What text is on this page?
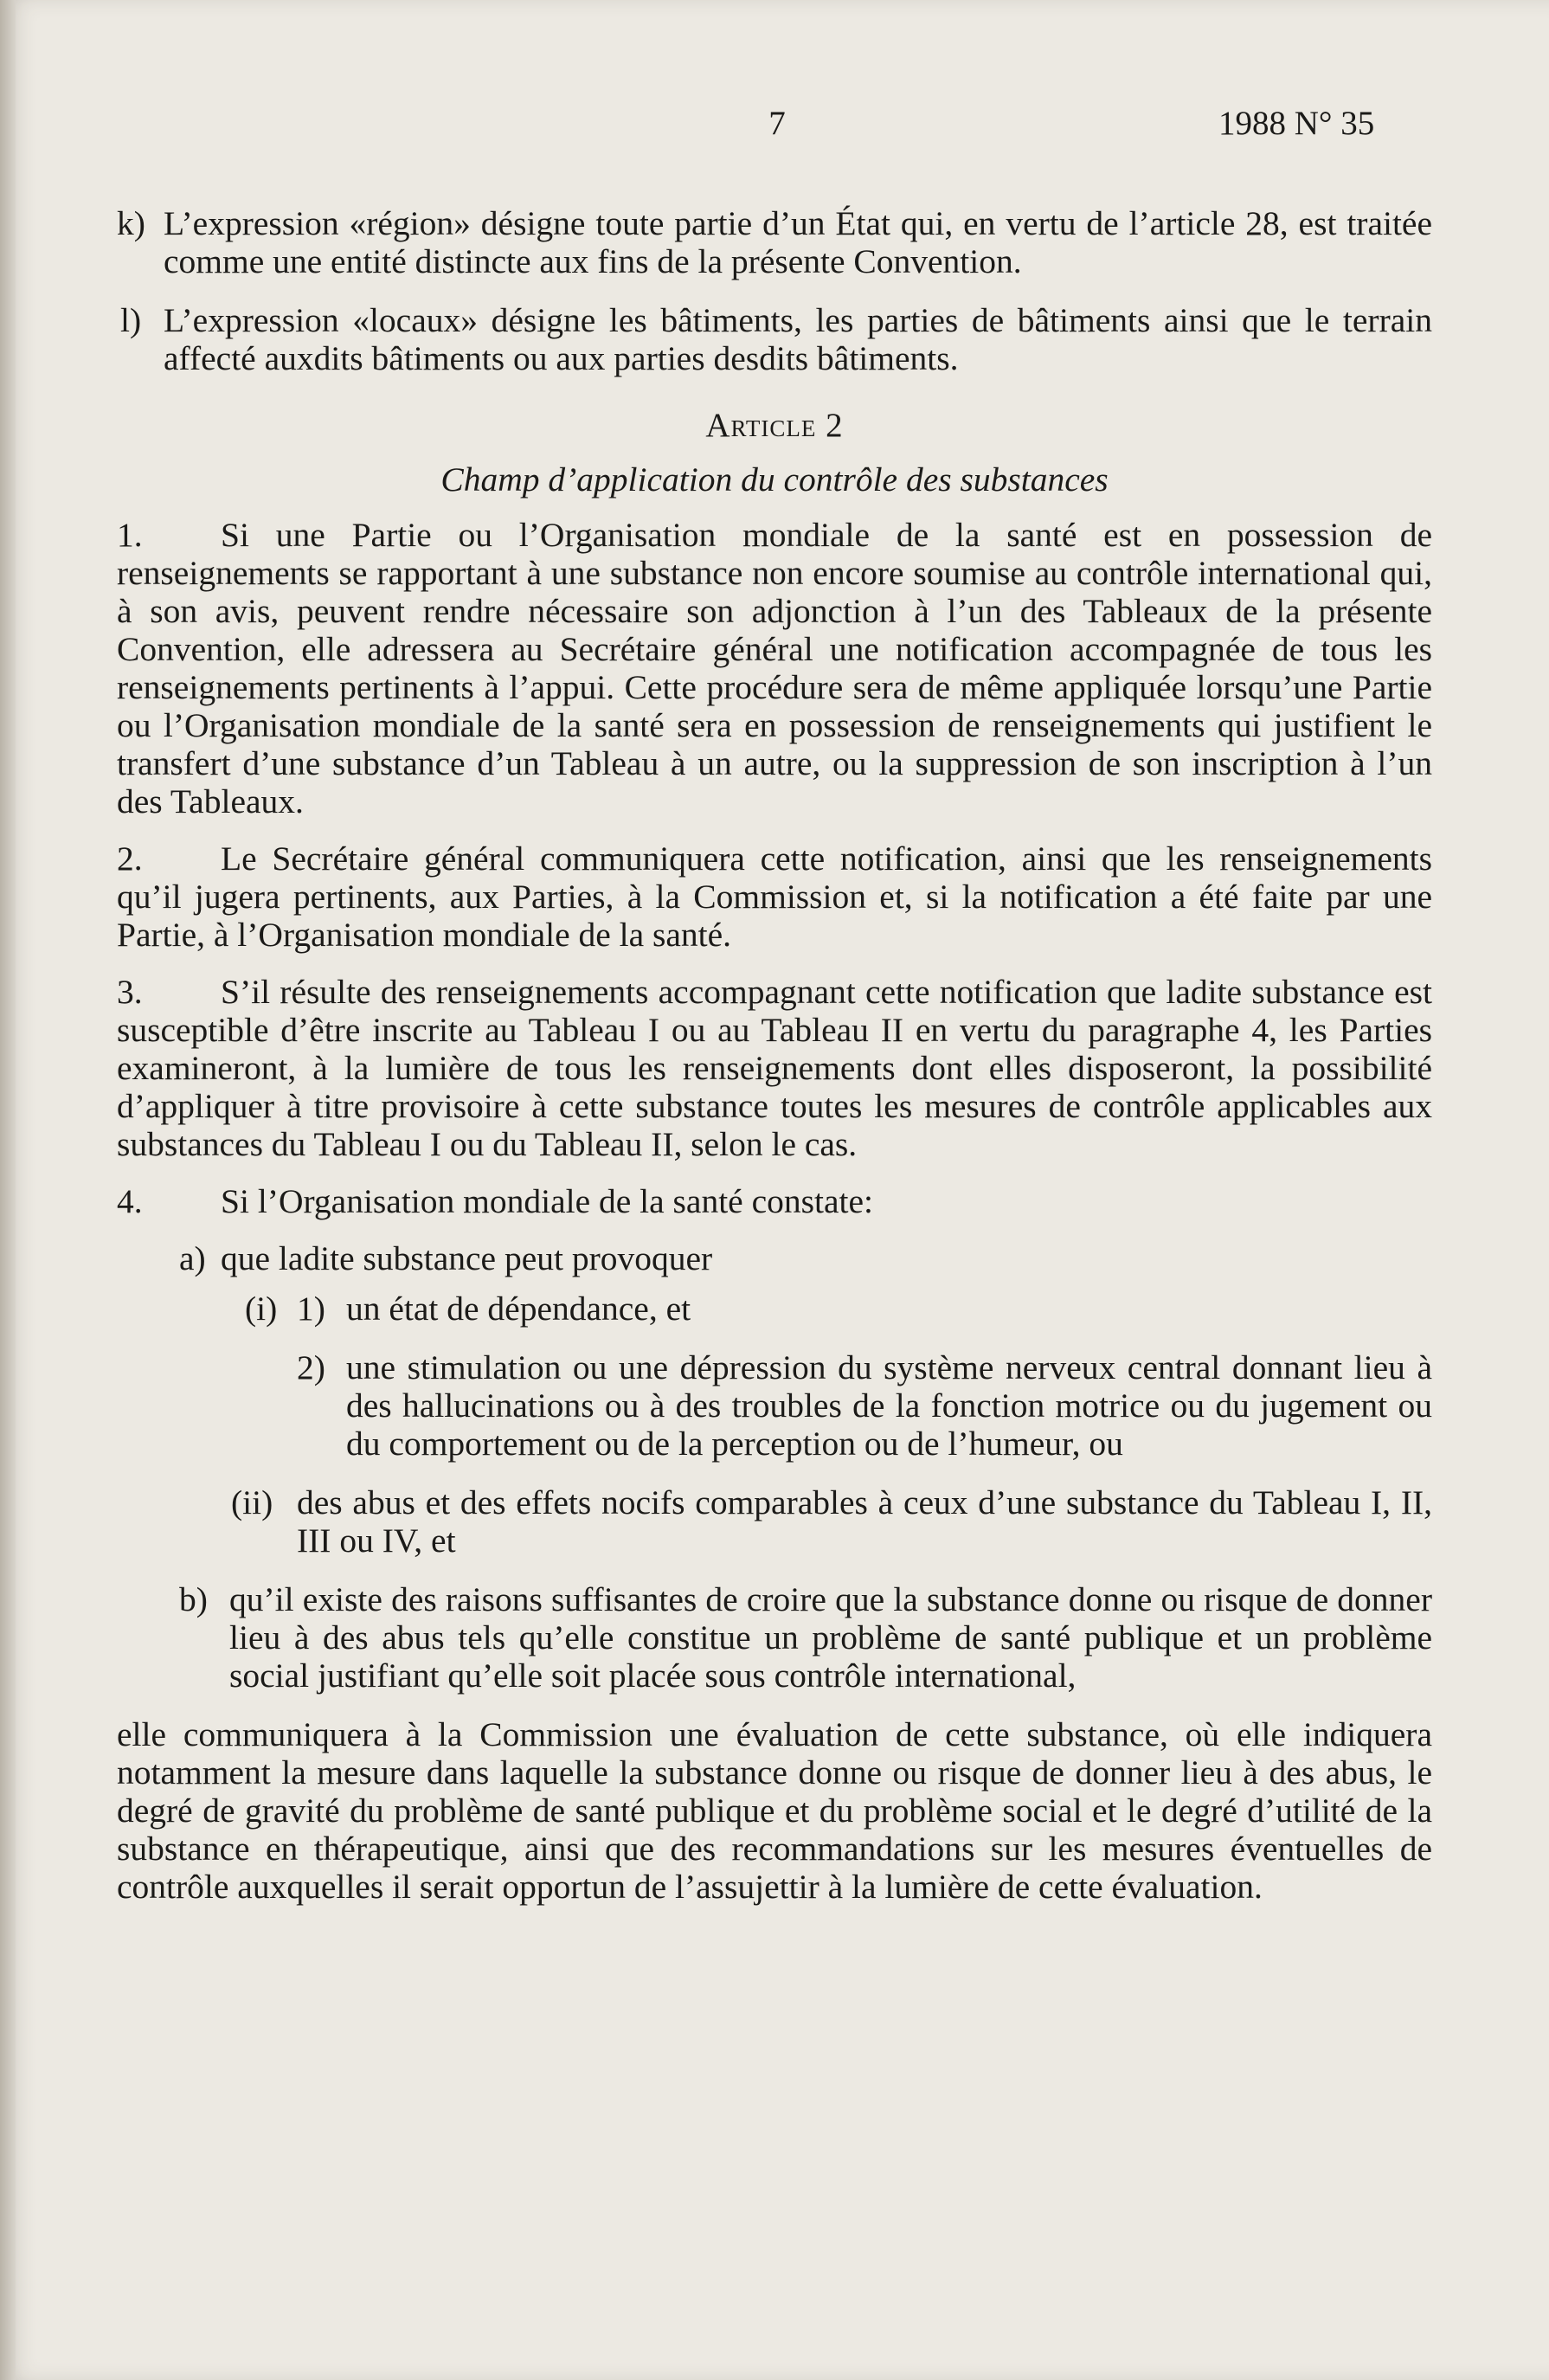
7	1988 N° 35

k) L’expression «région» désigne toute partie d’un État qui, en vertu de l’article 28, est traitée comme une entité distincte aux fins de la présente Convention.

l) L’expression «locaux» désigne les bâtiments, les parties de bâtiments ainsi que le terrain affecté auxdits bâtiments ou aux parties desdits bâtiments.

Article 2

Champ d’application du contrôle des substances

1. Si une Partie ou l’Organisation mondiale de la santé est en possession de renseignements se rapportant à une substance non encore soumise au contrôle international qui, à son avis, peuvent rendre nécessaire son adjonction à l’un des Tableaux de la présente Convention, elle adressera au Secrétaire général une notification accompagnée de tous les renseignements pertinents à l’appui. Cette procédure sera de même appliquée lorsqu’une Partie ou l’Organisation mondiale de la santé sera en possession de renseignements qui justifient le transfert d’une substance d’un Tableau à un autre, ou la suppression de son inscription à l’un des Tableaux.

2. Le Secrétaire général communiquera cette notification, ainsi que les renseignements qu’il jugera pertinents, aux Parties, à la Commission et, si la notification a été faite par une Partie, à l’Organisation mondiale de la santé.

3. S’il résulte des renseignements accompagnant cette notification que ladite substance est susceptible d’être inscrite au Tableau I ou au Tableau II en vertu du paragraphe 4, les Parties examineront, à la lumière de tous les renseignements dont elles disposeront, la possibilité d’appliquer à titre provisoire à cette substance toutes les mesures de contrôle applicables aux substances du Tableau I ou du Tableau II, selon le cas.

4. Si l’Organisation mondiale de la santé constate:

a) que ladite substance peut provoquer

(i) 1) un état de dépendance, et

2) une stimulation ou une dépression du système nerveux central donnant lieu à des hallucinations ou à des troubles de la fonction motrice ou du jugement ou du comportement ou de la perception ou de l’humeur, ou

(ii) des abus et des effets nocifs comparables à ceux d’une substance du Tableau I, II, III ou IV, et

b) qu’il existe des raisons suffisantes de croire que la substance donne ou risque de donner lieu à des abus tels qu’elle constitue un problème de santé publique et un problème social justifiant qu’elle soit placée sous contrôle international,

elle communiquera à la Commission une évaluation de cette substance, où elle indiquera notamment la mesure dans laquelle la substance donne ou risque de donner lieu à des abus, le degré de gravité du problème de santé publique et du problème social et le degré d’utilité de la substance en thérapeutique, ainsi que des recommandations sur les mesures éventuelles de contrôle auxquelles il serait opportun de l’assujettir à la lumière de cette évaluation.
